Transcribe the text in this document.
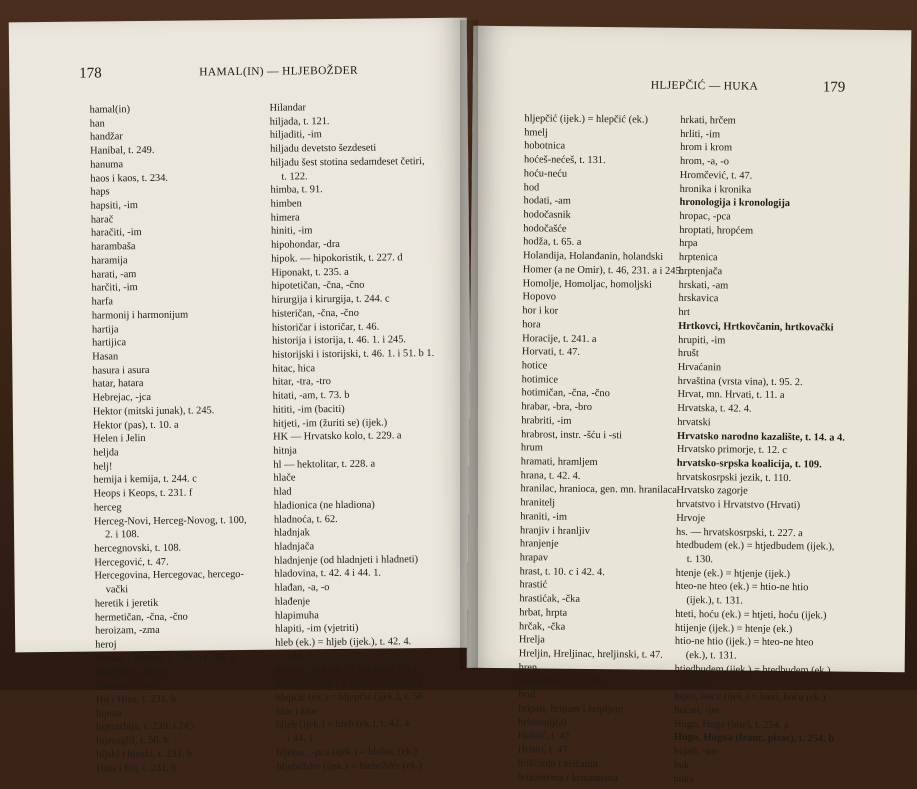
178	HAMAL(IN) — HLJEBOŽDER
hamal(in)
han
handžar
Hanibal, t. 249.
hanuma
haos i kaos, t. 234.
haps
hapsiti, -im
harač
haračiti, -im
harambaša
haramija
harati, -am
harčiti, -im
harfa
harmonij i harmonijum
hartija
hartijica
Hasan
hasura i asura
hatar, hatara
Hebrejac, -jca
Hektor (mitski junak), t. 245.
Hektor (pas), t. 10. a
Helen i Jelin
heljda
helj!
hemija i kemija, t. 244. c
Heops i Keops, t. 231. f
herceg
Herceg-Novi, Herceg-Novog, t. 100,
2. i 108.
hercegnovski, t. 108.
Hercegović, t. 47.
Hercegovina, Hercegovac, hercego-
vački
heretik i jeretik
hermetičan, -čna, -čno
heroizam, -zma
heroj
Hesiod i Heziod, t. 231. a i 246. a
higijena, t. 50. b
hihotati, -ćem
Hij i Hios, t. 231. b
hijena
hijerarhija, t. 239. i 245.
hijeroglif, t. 50. b
hijski i hioski, t. 231. b
Hios i Hij, t. 231. b
Hilandar
hiljada, t. 121.
hiljaditi, -im
hiljadu devetsto šezdeseti
hiljadu šest stotina sedamdeset četiri,
t. 122.
himba, t. 91.
himben
himera
hiniti, -im
hipohondar, -dra
hipok. — hipokoristik, t. 227. d
Hiponakt, t. 235. a
hipotetičan, -čna, -čno
hirurgija i kirurgija, t. 244. c
histeričan, -čna, -čno
historičar i istoričar, t. 46.
historija i istorija, t. 46. 1. i 245.
historijski i istorijski, t. 46. 1. i 51. b 1.
hitac, hica
hitar, -tra, -tro
hitati, -am, t. 73. b
hititi, -im (baciti)
hitjeti, -im (žuriti se) (ijek.)
HK — Hrvatsko kolo, t. 229. a
hitnja
hl — hektolitar, t. 228. a
hlače
hlad
hladionica (ne hladiona)
hladnoća, t. 62.
hladnjak
hladnjača
hladnjenje (od hladnjeti i hladneti)
hladovina, t. 42. 4 i 44. 1.
hlađan, -a, -o
hlađenje
hlapimuha
hlapiti, -im (vjetriti)
hleb (ek.) = hljeb (ijek.), t. 42. 4.
i 44. 1.
hlebac, -pca (ek.) = hljebac (ijek.)
hleboždér (ek.) = hljeboždér (ijek.)
hlepčić (ek.) = hljepčić (ijek.), t. 58.
hlor i klor
hljeb (ijek.) = hleb (ek.), t. 42. 4.
i 44. 1.
hljebac, -pca (ijek.) = hlebac (ek.)
hljeboždér (ijek.) = hleboždér (ek.)
HLJEPČIĆ — HUKA	179
hljepčić (ijek.) = hlepčić (ek.)
hmelj
hobotnica
hoćeš-nećeš, t. 131.
hoću-neću
hod
hodati, -am
hodočasnik
hodočašće
hodža, t. 65. a
Holandija, Holanđanin, holandski
Homer (a ne Omir), t. 46, 231. a i 245.
Homolje, Homoljac, homoljski
Hopovo
hor i kor
hora
Horacije, t. 241. a
Horvati, t. 47.
hotice
hotimice
hotimičan, -čna, -čno
hrabar, -bra, -bro
hrabriti, -im
hrabrost, instr. -šću i -sti
hrum
hramati, hramljem
hrana, t. 42. 4.
hranilac, hranioca, gen. mn. hranilaca
hranitelj
hraniti, -im
hranjiv i hranljiv
hranjenje
hrapav
hrast, t. 10. c i 42. 4.
hrastić
hrastićak, -čka
hrbat, hrpta
hrčak, -čka
Hrelja
Hreljin, Hreljinac, hreljinski, t. 47.
hren
hrestomatija, t. 239.
hrid
hripati, hripam i hripljem
hrisovulj(a)
Hristić, t. 47.
Hristo, t. 47.
hrišćanin i hrićanin
hrizantema i krizantema
hrkati, hrčem
hrliti, -im
hrom i krom
hrom, -a, -o
Hromčević, t. 47.
hronika i kronika
hronologija i kronologija
hropac, -pca
hroptati, hropćem
hrpa
hrptenica
hrptenjača
hrskati, -am
hrskavica
hrt
Hrtkovci, Hrtkovčanin, hrtkovački
hrupiti, -im
hrušt
Hrvaćanin
hrvaština (vrsta vina), t. 95. 2.
Hrvat, mn. Hrvati, t. 11. a
Hrvatska, t. 42. 4.
hrvatski
Hrvatsko narodno kazalište, t. 14. a 4.
Hrvatsko primorje, t. 12. c
hrvatsko-srpska koalicija, t. 109.
hrvatskosrpski jezik, t. 110.
Hrvatsko zagorje
hrvatstvo i Hrvatstvo (Hrvati)
Hrvoje
hs. — hrvatskosrpski, t. 227. a
htedbudem (ek.) = htjedbudem (ijek.),
t. 130.
htenje (ek.) = htjenje (ijek.)
hteo-ne hteo (ek.) = htio-ne htio
(ijek.), t. 131.
hteti, hoću (ek.) = htjeti, hoću (ijek.)
htijenje (ijek.) = htenje (ek.)
htio-ne htio (ijek.) = hteo-ne hteo
(ek.), t. 131.
htjedbudem (ijek.) = htedbudem (ek.),
t. 130.
htjeti, hoću (ijek.) = hteti, hoću (ek.)
hućati, -im
Hugo, Huga (ime), t. 254. a
Hugo, Hugoa (franc. pisac), t. 254. b
hujati, -im
huk
huka
